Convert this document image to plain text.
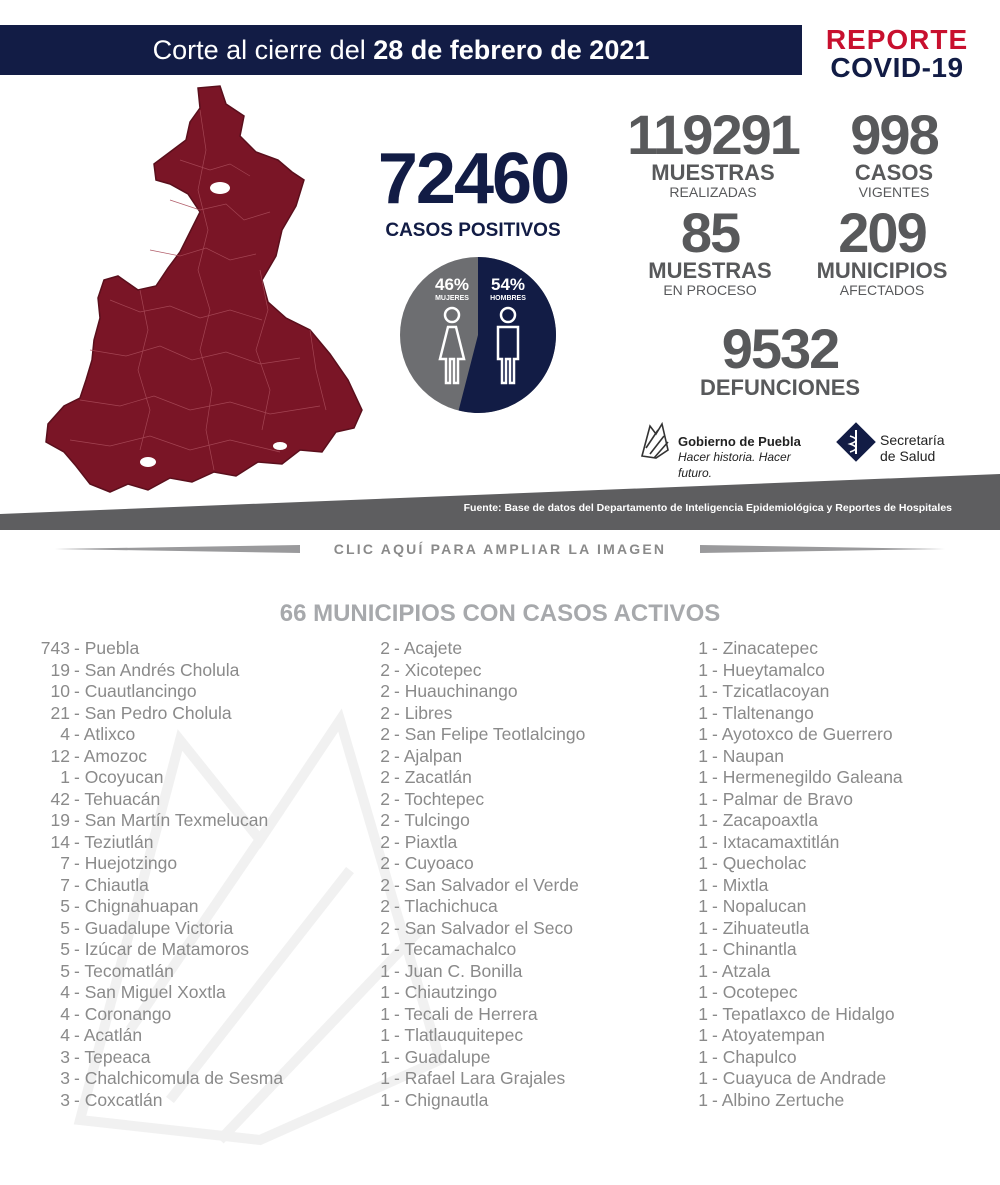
Corte al cierre del 28 de febrero de 2021	REPORTE
COVID-19
72460
CASOS POSITIVOS
46%
MUJERES
54%
HOMBRES
119291
MUESTRAS
REALIZADAS
998
CASOS
VIGENTES
85
MUESTRAS
EN PROCESO
209
MUNICIPIOS
AFECTADOS
9532
DEFUNCIONES
Gobierno de Puebla
Hacer historia. Hacer futuro.
Secretaría
de Salud
Fuente: Base de datos del Departamento de Inteligencia Epidemiológica y Reportes de Hospitales
CLIC AQUÍ PARA AMPLIAR LA IMAGEN
66 MUNICIPIOS CON CASOS ACTIVOS
743 - Puebla
19 - San Andrés Cholula
10 - Cuautlancingo
21 - San Pedro Cholula
4 - Atlixco
12 - Amozoc
1 - Ocoyucan
42 - Tehuacán
19 - San Martín Texmelucan
14 - Teziutlán
7 - Huejotzingo
7 - Chiautla
5 - Chignahuapan
5 - Guadalupe Victoria
5 - Izúcar de Matamoros
5 - Tecomatlán
4 - San Miguel Xoxtla
4 - Coronango
4 - Acatlán
3 - Tepeaca
3 - Chalchicomula de Sesma
3 - Coxcatlán
2 - Acajete
2 - Xicotepec
2 - Huauchinango
2 - Libres
2 - San Felipe Teotlalcingo
2 - Ajalpan
2 - Zacatlán
2 - Tochtepec
2 - Tulcingo
2 - Piaxtla
2 - Cuyoaco
2 - San Salvador el Verde
2 - Tlachichuca
2 - San Salvador el Seco
1 - Tecamachalco
1 - Juan C. Bonilla
1 - Chiautzingo
1 - Tecali de Herrera
1 - Tlatlauquitepec
1 - Guadalupe
1 - Rafael Lara Grajales
1 - Chignautla
1 - Zinacatepec
1 - Hueytamalco
1 - Tzicatlacoyan
1 - Tlaltenango
1 - Ayotoxco de Guerrero
1 - Naupan
1 - Hermenegildo Galeana
1 - Palmar de Bravo
1 - Zacapoaxtla
1 - Ixtacamaxtitlán
1 - Quecholac
1 - Mixtla
1 - Nopalucan
1 - Zihuateutla
1 - Chinantla
1 - Atzala
1 - Ocotepec
1 - Tepatlaxco de Hidalgo
1 - Atoyatempan
1 - Chapulco
1 - Cuayuca de Andrade
1 - Albino Zertuche
